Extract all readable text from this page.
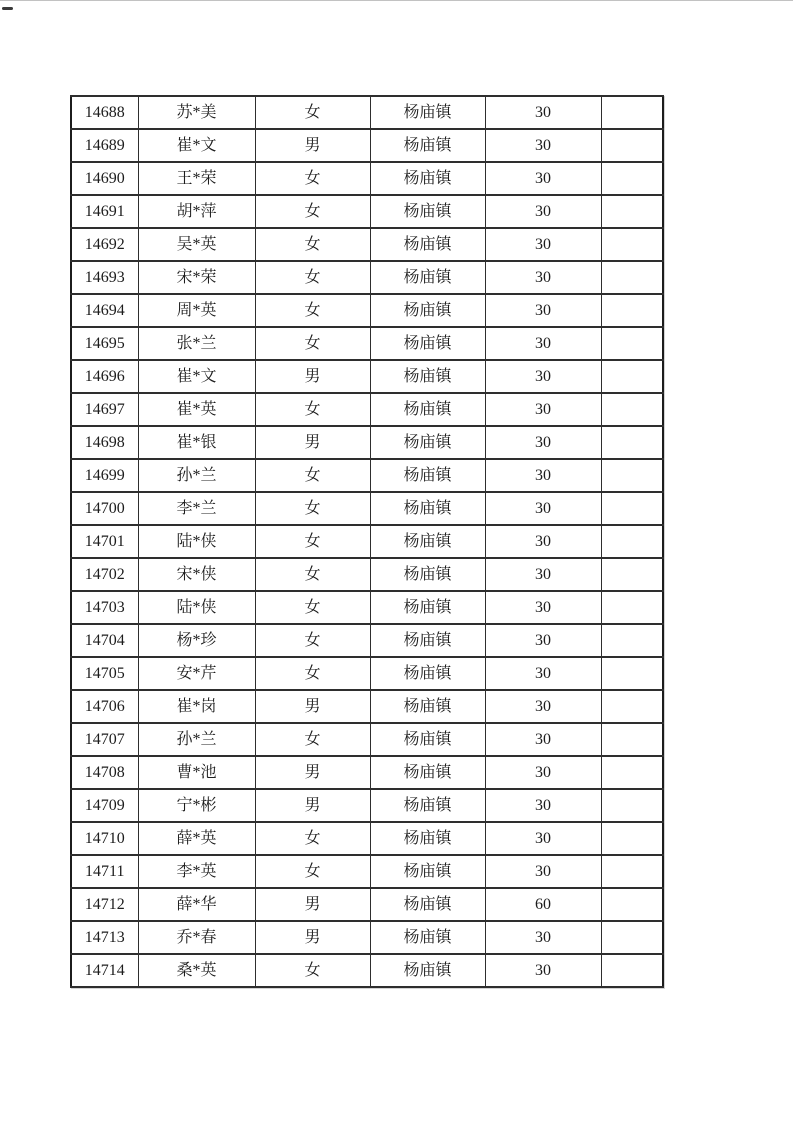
14688	苏*美	女	杨庙镇	30	
14689	崔*文	男	杨庙镇	30	
14690	王*荣	女	杨庙镇	30	
14691	胡*萍	女	杨庙镇	30	
14692	吴*英	女	杨庙镇	30	
14693	宋*荣	女	杨庙镇	30	
14694	周*英	女	杨庙镇	30	
14695	张*兰	女	杨庙镇	30	
14696	崔*文	男	杨庙镇	30	
14697	崔*英	女	杨庙镇	30	
14698	崔*银	男	杨庙镇	30	
14699	孙*兰	女	杨庙镇	30	
14700	李*兰	女	杨庙镇	30	
14701	陆*侠	女	杨庙镇	30	
14702	宋*侠	女	杨庙镇	30	
14703	陆*侠	女	杨庙镇	30	
14704	杨*珍	女	杨庙镇	30	
14705	安*芹	女	杨庙镇	30	
14706	崔*岗	男	杨庙镇	30	
14707	孙*兰	女	杨庙镇	30	
14708	曹*池	男	杨庙镇	30	
14709	宁*彬	男	杨庙镇	30	
14710	薛*英	女	杨庙镇	30	
14711	李*英	女	杨庙镇	30	
14712	薛*华	男	杨庙镇	60	
14713	乔*春	男	杨庙镇	30	
14714	桑*英	女	杨庙镇	30	
